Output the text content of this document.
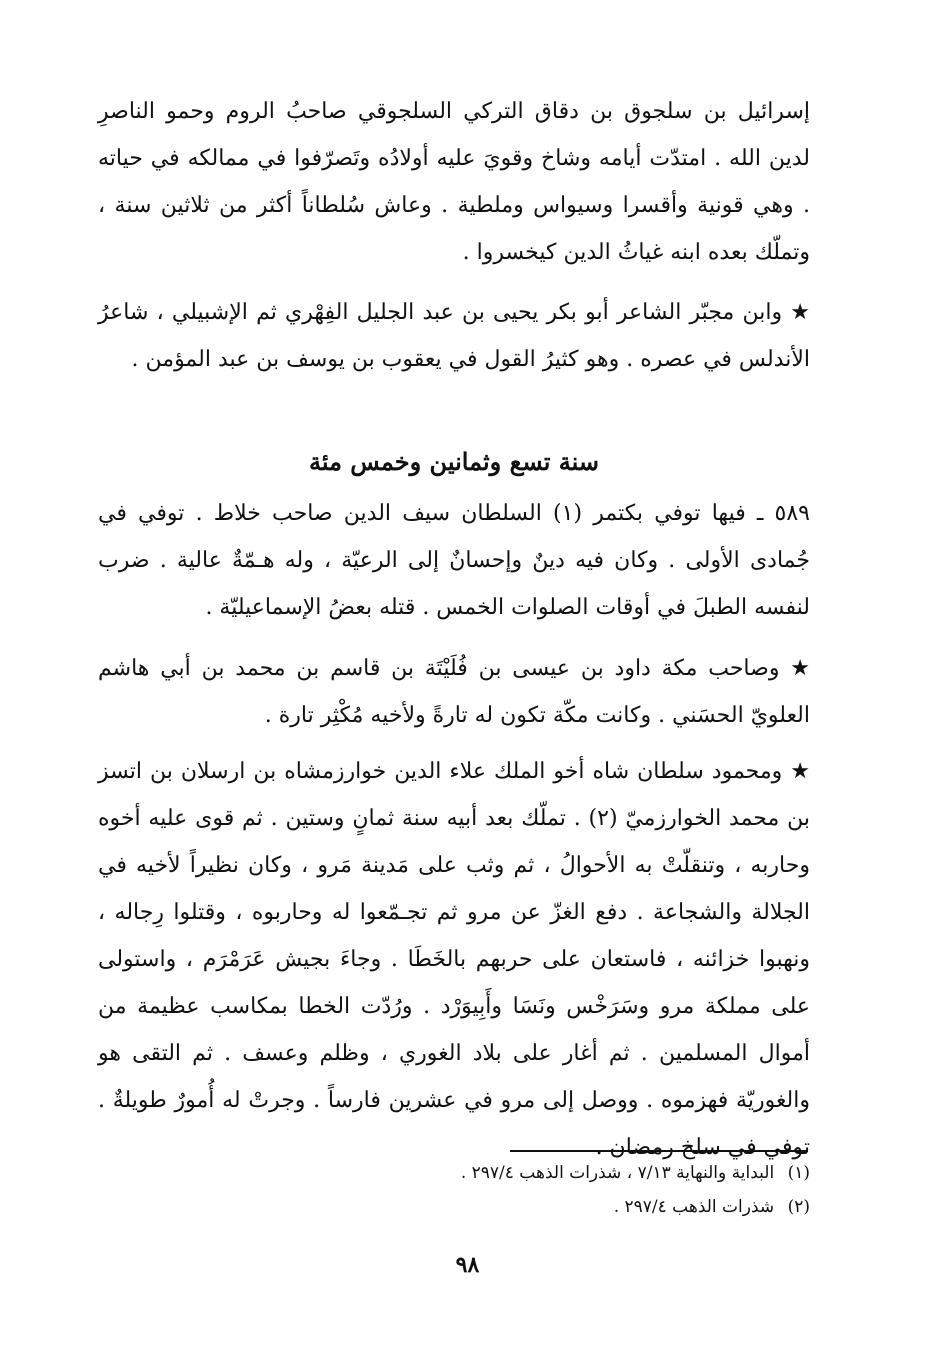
إسرائيل بن سلجوق بن دقاق التركي السلجوقي صاحبُ الروم وحمو الناصرِ لدين الله . امتدّت أيامه وشاخ وقويَ عليه أولادُه وتَصرّفوا في ممالكه في حياته . وهي قونية وأقسرا وسيواس وملطية . وعاش سُلطاناً أكثر من ثلاثين سنة ، وتملّك بعده ابنه غياثُ الدين كيخسروا .

★ وابن مجبّر الشاعر أبو بكر يحيى بن عبد الجليل الفِهْري ثم الإشبيلي ، شاعرُ الأندلس في عصره . وهو كثيرُ القول في يعقوب بن يوسف بن عبد المؤمن .

سنة تسع وثمانين وخمس مئة

٥٨٩ ـ فيها توفي بكتمر (١) السلطان سيف الدين صاحب خلاط . توفي في جُمادى الأولى . وكان فيه دينٌ وإحسانٌ إلى الرعيّة ، وله هـمّةٌ عالية . ضرب لنفسه الطبلَ في أوقات الصلوات الخمس . قتله بعضُ الإسماعيليّة .

★ وصاحب مكة داود بن عيسى بن فُلَيْتَة بن قاسم بن محمد بن أبي هاشم العلويّ الحسَني . وكانت مكّة تكون له تارةً ولأخيه مُكْثِر تارة .

★ ومحمود سلطان شاه أخو الملك علاء الدين خوارزمشاه بن ارسلان بن اتسز بن محمد الخوارزميّ (٢) . تملّك بعد أبيه سنة ثمانٍ وستين . ثم قوى عليه أخوه وحاربه ، وتنقلّتْ به الأحوالُ ، ثم وثب على مَدينة مَرو ، وكان نظيراً لأخيه في الجلالة والشجاعة . دفع الغزّ عن مرو ثم تجـمّعوا له وحاربوه ، وقتلوا رِجاله ، ونهبوا خزائنه ، فاستعان على حربهم بالخَطَا . وجاءَ بجيش عَرَمْرَم ، واستولى على مملكة مرو وسَرَخْس ونَسَا وأَبِيوَرْد . ورُدّت الخطا بمكاسب عظيمة من أموال المسلمين . ثم أغار على بلاد الغوري ، وظلم وعسف . ثم التقى هو والغوريّة فهزموه . ووصل إلى مرو في عشرين فارساً . وجرتْ له أُمورٌ طويلةٌ . توفي في سلخ رمضان .

(١) البداية والنهاية ٧/١٣ ، شذرات الذهب ٢٩٧/٤ .
(٢) شذرات الذهب ٢٩٧/٤ .
٩٨
